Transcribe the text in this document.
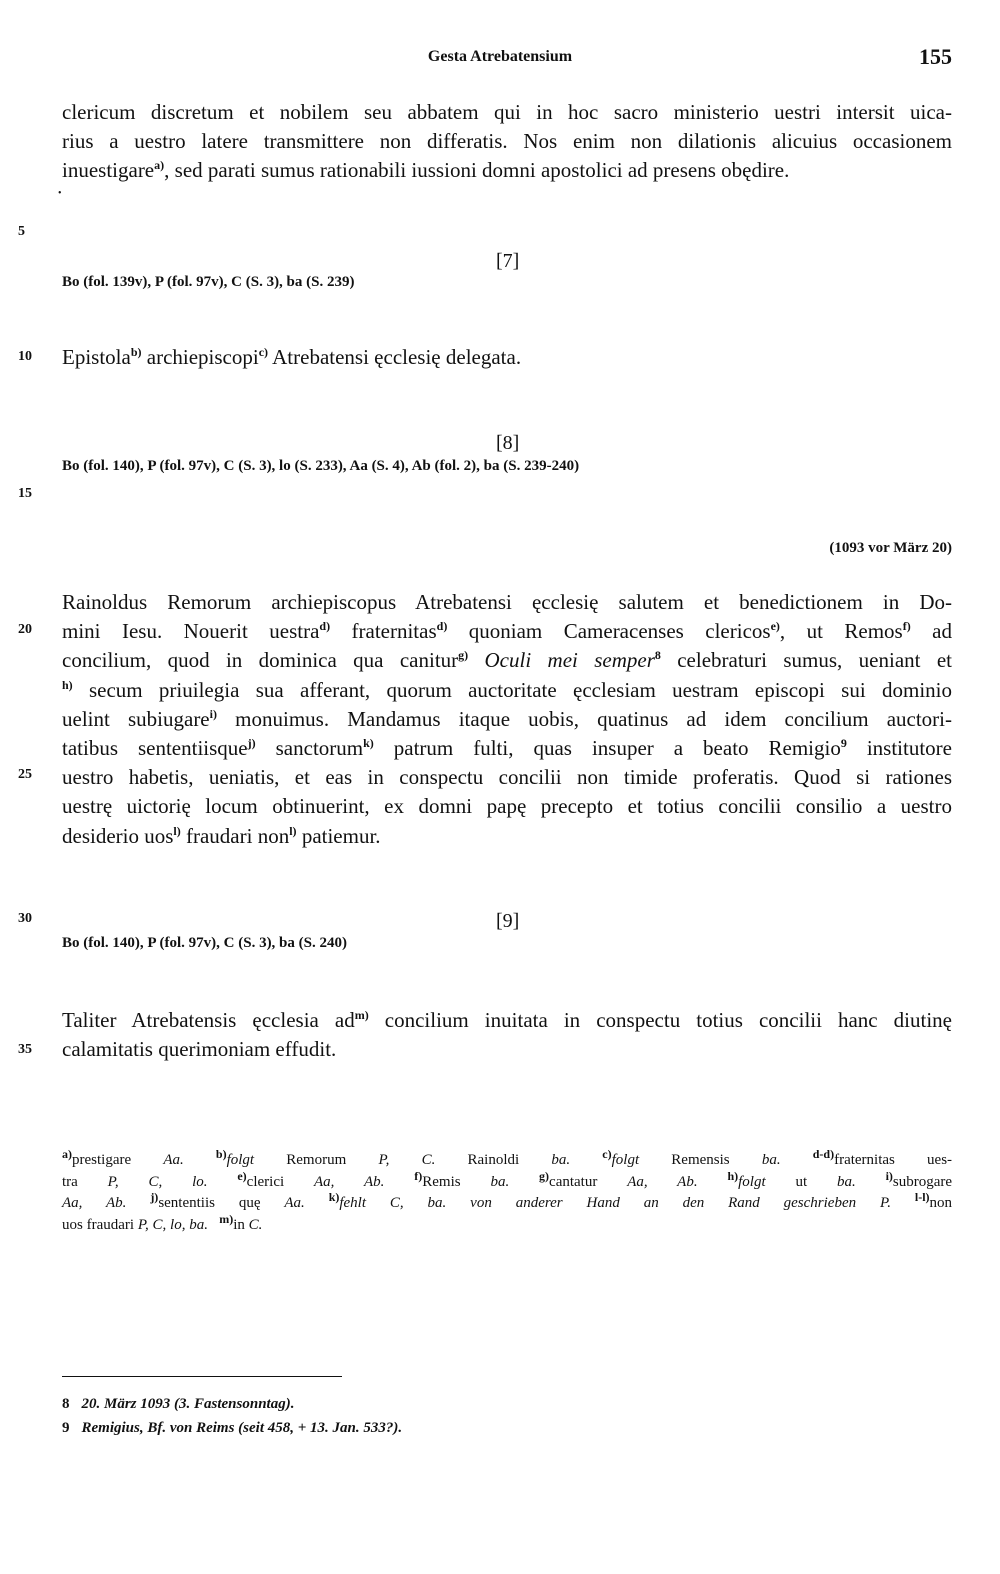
Gesta Atrebatensium	155
clericum discretum et nobilem seu abbatem qui in hoc sacro ministerio uestri intersit uica-
rius a uestro latere transmittere non differatis. Nos enim non dilationis alicuius occasionem
inuestigare$^{a)}$, sed parati sumus rationabili iussioni domni apostolici ad presens obędire.
•
5
10
15
20
25
30
35
[7]
Bo (fol. 139v), P (fol. 97v), C (S. 3), ba (S. 239)
Epistola$^{b)}$ archiepiscopi$^{c)}$ Atrebatensi ęcclesię delegata.
[8]
Bo (fol. 140), P (fol. 97v), C (S. 3), lo (S. 233), Aa (S. 4), Ab (fol. 2), ba (S. 239-240)
(1093 vor März 20)
Rainoldus Remorum archiepiscopus Atrebatensi ęcclesię salutem et benedictionem in Do-
mini Iesu. Nouerit uestra$^{d)}$ fraternitas$^{d)}$ quoniam Cameracenses clericos$^{e)}$, ut Remos$^{f)}$ ad
concilium, quod in dominica qua canitur$^{g)}$ Oculi mei semper$^8$ celebraturi sumus, ueniant et
$^{h)}$ secum priuilegia sua afferant, quorum auctoritate ęcclesiam uestram episcopi sui dominio
uelint subiugare$^{i)}$ monuimus. Mandamus itaque uobis, quatinus ad idem concilium auctori-
tatibus sententiisque$^{j)}$ sanctorum$^{k)}$ patrum fulti, quas insuper a beato Remigio$^9$ institutore
uestro habetis, ueniatis, et eas in conspectu concilii non timide proferatis. Quod si rationes
uestrę uictorię locum obtinuerint, ex domni papę precepto et totius concilii consilio a uestro
desiderio uos$^{l)}$ fraudari non$^{l)}$ patiemur.
[9]
Bo (fol. 140), P (fol. 97v), C (S. 3), ba (S. 240)
Taliter Atrebatensis ęcclesia $ad^{m)}$ concilium inuitata in conspectu totius concilii hanc diutinę
calamitatis querimoniam effudit.
$^{a)}$prestigare Aa.	$^{b)}$folgt Remorum P, C. Rainoldi ba.	$^{c)}$folgt Remensis ba.	$^{d-d)}$fraternitas ues-
tra P, C, lo. $^{e)}$clerici Aa, Ab. $^{f)}$Remis ba. $^{g)}$cantatur Aa, Ab. $^{h)}$folgt ut ba. $^{i)}$subrogare
Aa, Ab. $^{j)}$sententiis quę Aa. $^{k)}$fehlt C, ba. von anderer Hand an den Rand geschrieben P. $^{l-l)}$non
uos fraudari P, C, lo, ba. $^{m)}$in C.
8 20. März 1093 (3. Fastensonntag).
9 Remigius, Bf. von Reims (seit 458, + 13. Jan. 533?).
